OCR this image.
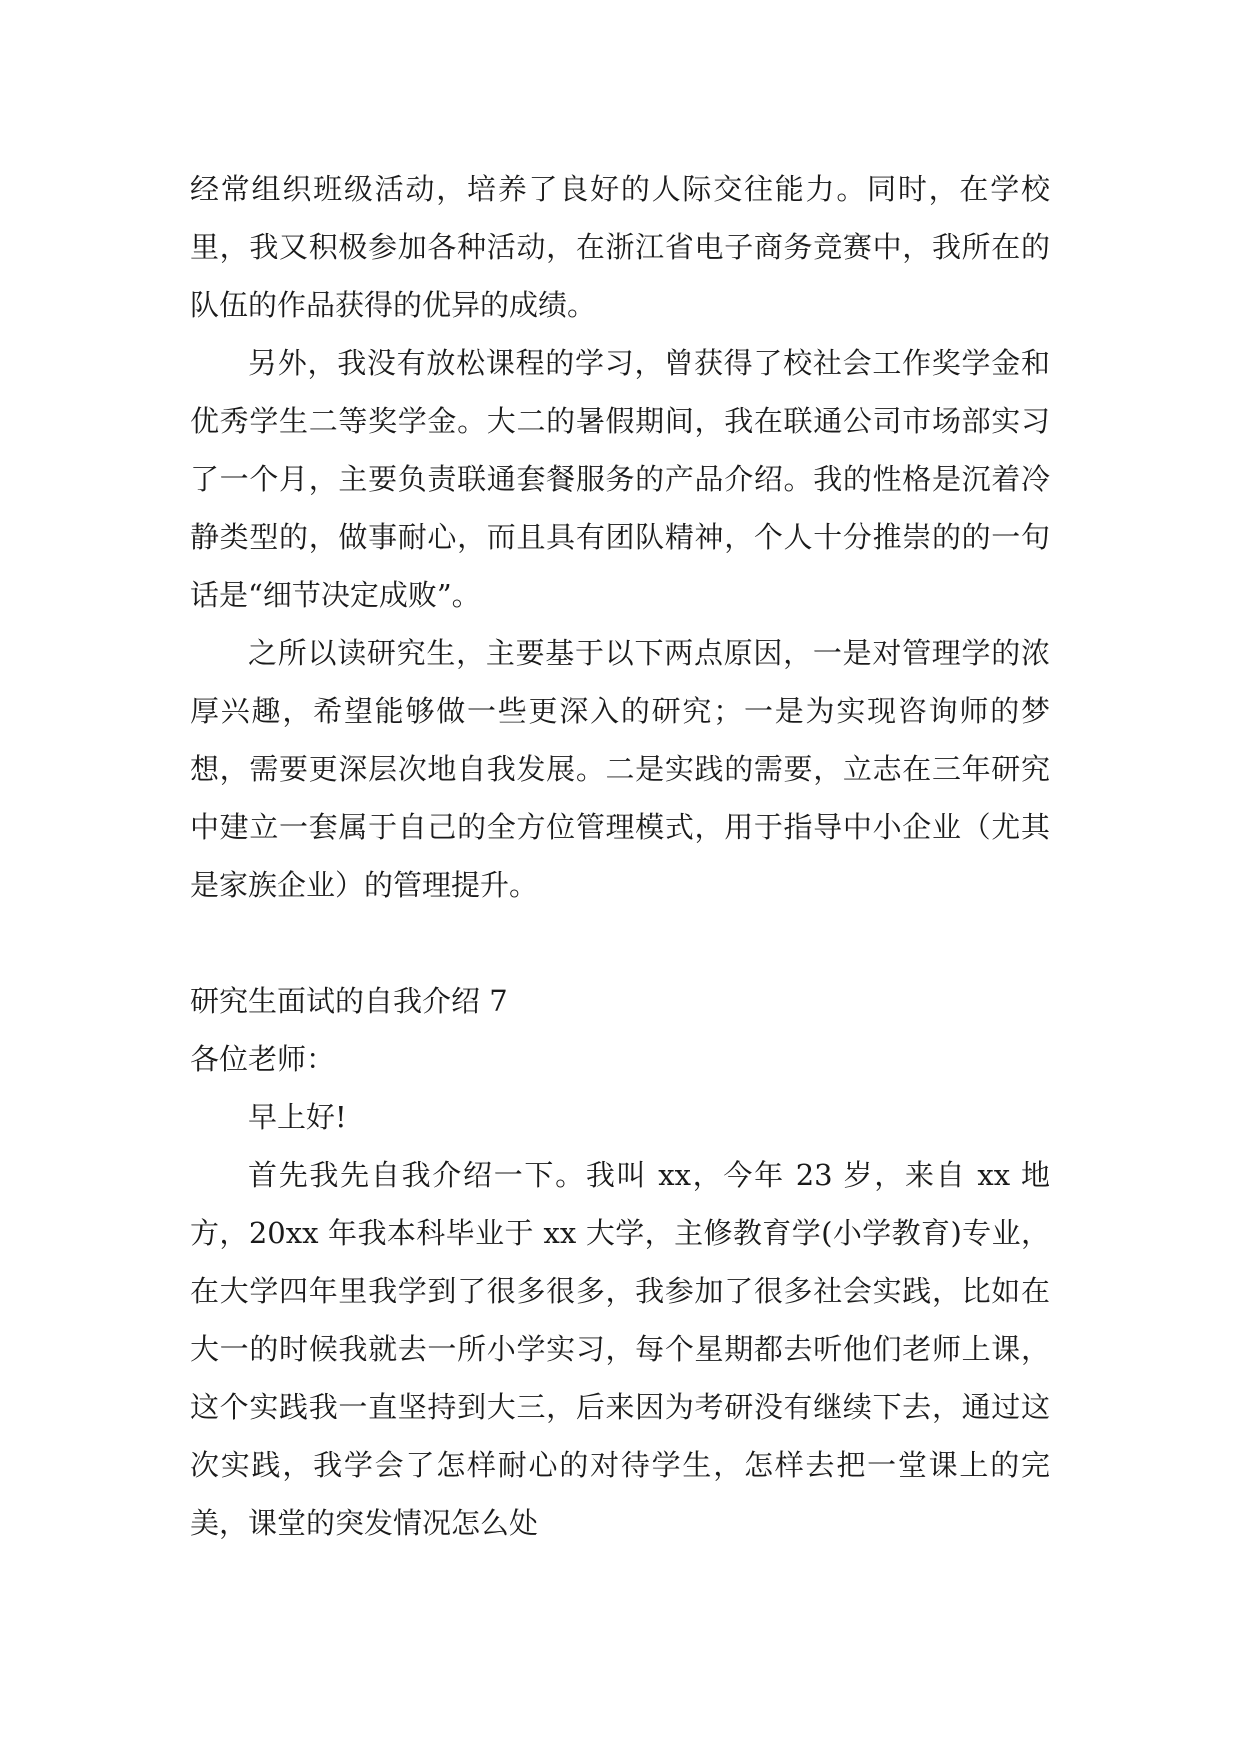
经常组织班级活动，培养了良好的人际交往能力。同时，在学校里，我又积极参加各种活动，在浙江省电子商务竞赛中，我所在的队伍的作品获得的优异的成绩。

另外，我没有放松课程的学习，曾获得了校社会工作奖学金和优秀学生二等奖学金。大二的暑假期间，我在联通公司市场部实习了一个月，主要负责联通套餐服务的产品介绍。我的性格是沉着冷静类型的，做事耐心，而且具有团队精神，个人十分推崇的的一句话是“细节决定成败”。

之所以读研究生，主要基于以下两点原因，一是对管理学的浓厚兴趣，希望能够做一些更深入的研究；一是为实现咨询师的梦想，需要更深层次地自我发展。二是实践的需要，立志在三年研究中建立一套属于自己的全方位管理模式，用于指导中小企业（尤其是家族企业）的管理提升。

研究生面试的自我介绍 7

各位老师：

早上好!

首先我先自我介绍一下。我叫 xx，今年 23 岁，来自 xx 地方，20xx 年我本科毕业于 xx 大学，主修教育学(小学教育)专业，在大学四年里我学到了很多很多，我参加了很多社会实践，比如在大一的时候我就去一所小学实习，每个星期都去听他们老师上课，这个实践我一直坚持到大三，后来因为考研没有继续下去，通过这次实践，我学会了怎样耐心的对待学生，怎样去把一堂课上的完美，课堂的突发情况怎么处
